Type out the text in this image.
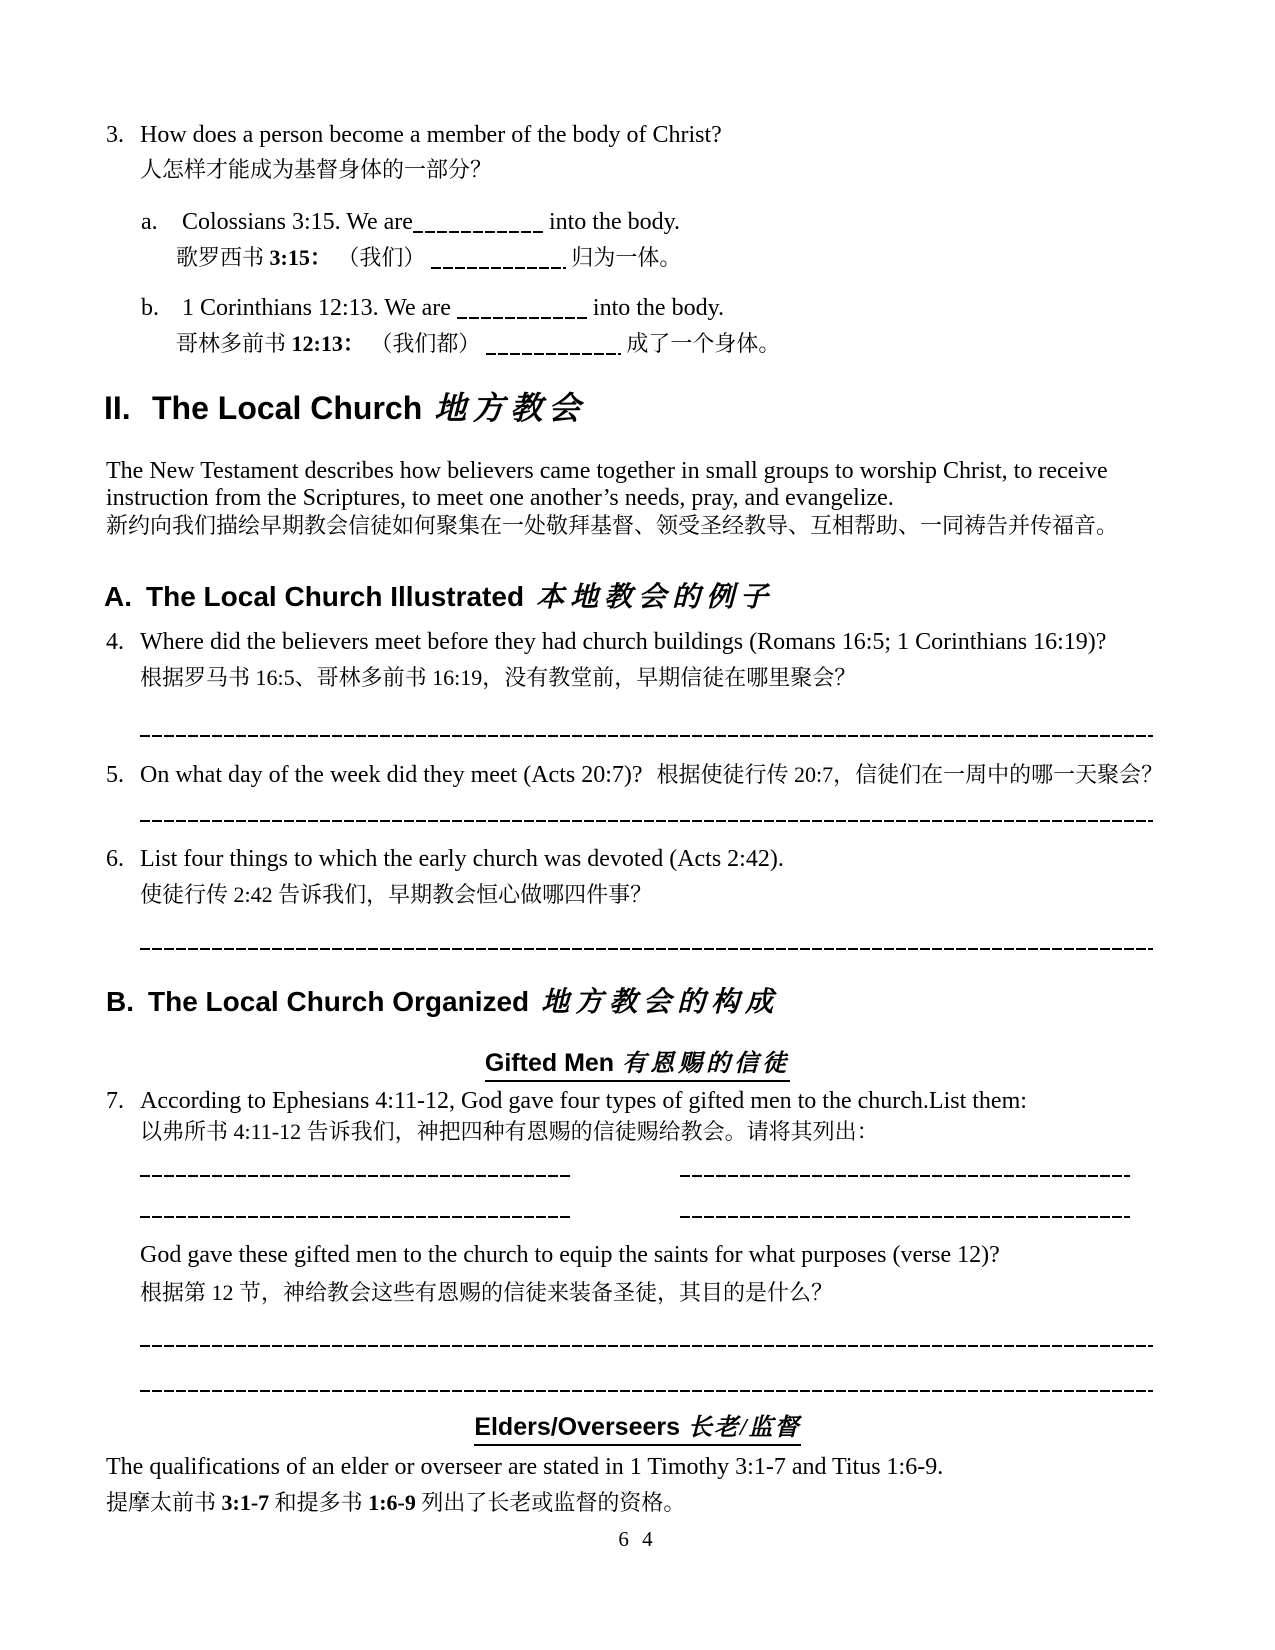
3. How does a person become a member of the body of Christ?
人怎样才能成为基督身体的一部分？
a. Colossians 3:15. We are	into the body.
歌罗西书 3:15： （我们）	归为一体。
b. 1 Corinthians 12:13. We are	into the body.
哥林多前书 12:13： （我们都）	成了一个身体。
II. The Local Church 地方教会
The New Testament describes how believers came together in small groups to worship Christ, to receive
instruction from the Scriptures, to meet one another’s needs, pray, and evangelize.
新约向我们描绘早期教会信徒如何聚集在一处敬拜基督、领受圣经教导、互相帮助、一同祷告并传福音。
A. The Local Church Illustrated 本地教会的例子
4. Where did the believers meet before they had church buildings (Romans 16:5; 1 Corinthians 16:19)?
根据罗马书 16:5、哥林多前书 16:19，没有教堂前，早期信徒在哪里聚会？
5. On what day of the week did they meet (Acts 20:7)? 根据使徒行传 20:7，信徒们在一周中的哪一天聚会？
6. List four things to which the early church was devoted (Acts 2:42).
使徒行传 2:42 告诉我们，早期教会恒心做哪四件事？
B. The Local Church Organized 地方教会的构成
Gifted Men 有恩赐的信徒
7. According to Ephesians 4:11-12, God gave four types of gifted men to the church.List them:
以弗所书 4:11-12 告诉我们，神把四种有恩赐的信徒赐给教会。请将其列出：
God gave these gifted men to the church to equip the saints for what purposes (verse 12)?
根据第 12 节，神给教会这些有恩赐的信徒来装备圣徒，其目的是什么？
Elders/Overseers 长老/监督
The qualifications of an elder or overseer are stated in 1 Timothy 3:1-7 and Titus 1:6-9.
提摩太前书 3:1-7 和提多书 1:6-9 列出了长老或监督的资格。
6 4
